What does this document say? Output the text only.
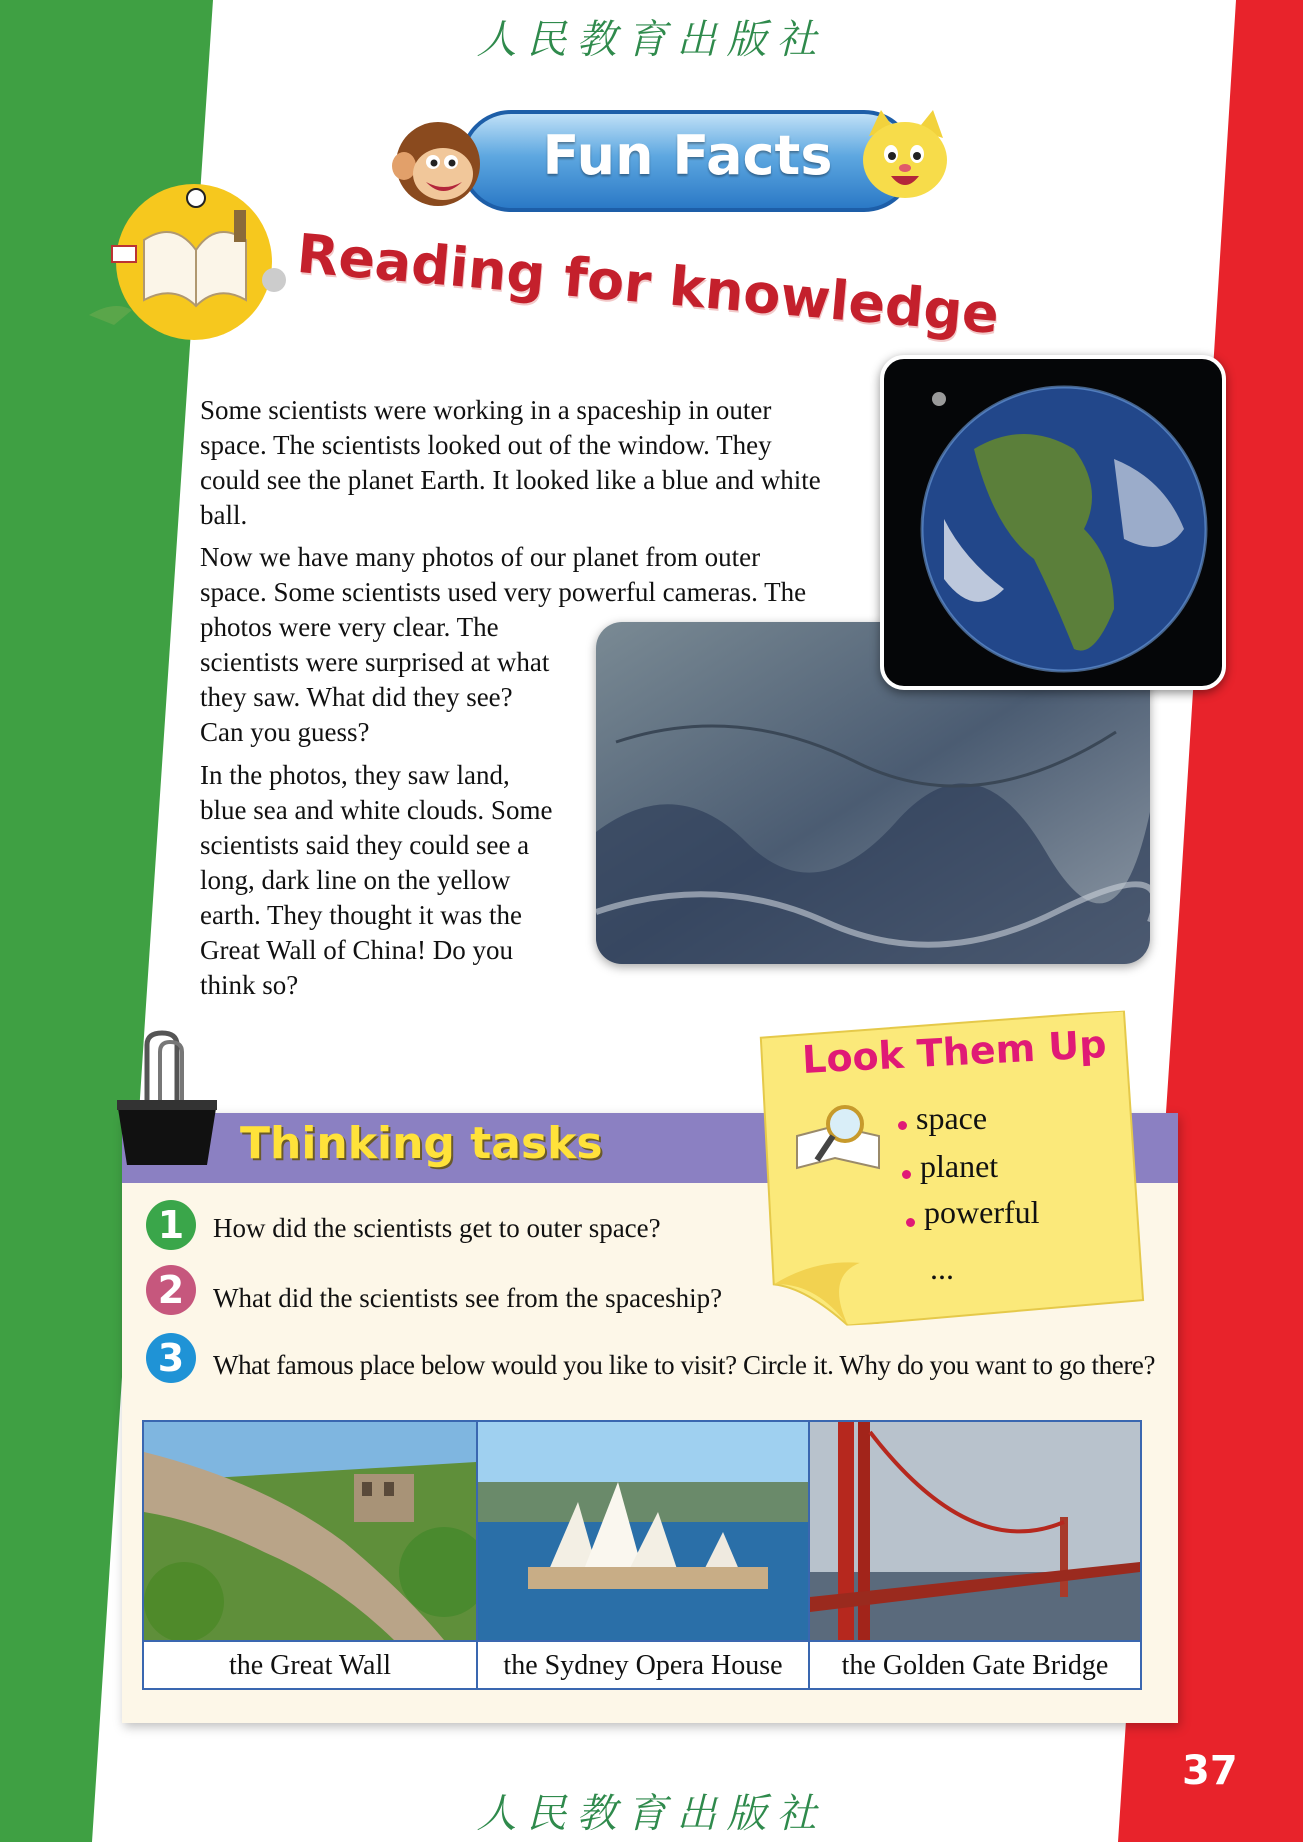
人民教育出版社
人民教育出版社
Fun Facts
Reading for knowledge
Some scientists were working in a spaceship in outer
space. The scientists looked out of the window. They
could see the planet Earth. It looked like a blue and white
ball.
Now we have many photos of our planet from outer
space. Some scientists used very powerful cameras. The
photos were very clear. The
scientists were surprised at what
they saw. What did they see?
Can you guess?
In the photos, they saw land,
blue sea and white clouds. Some
scientists said they could see a
long, dark line on the yellow
earth. They thought it was the
Great Wall of China! Do you
think so?
Thinking tasks
1	How did the scientists get to outer space?
2	What did the scientists see from the spaceship?
3	What famous place below would you like to visit? Circle it. Why do you want to go there?
Look Them Up
space
planet
powerful
...
the Great Wall	the Sydney Opera House	the Golden Gate Bridge
37
